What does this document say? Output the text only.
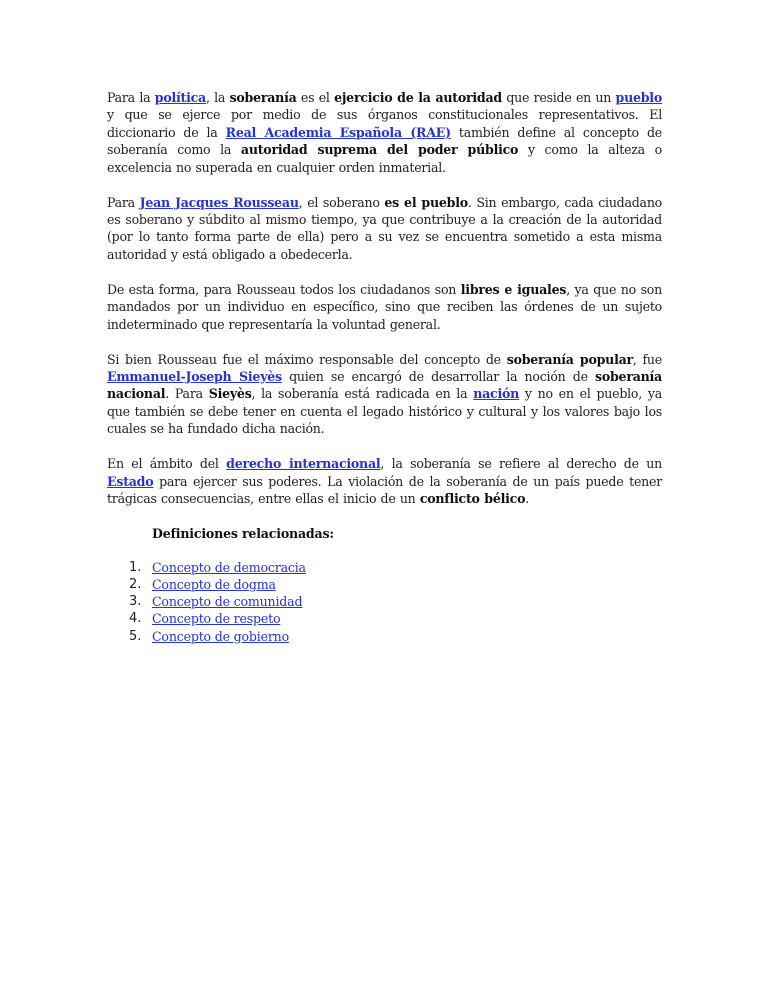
Para la política, la soberanía es el ejercicio de la autoridad que reside en un pueblo y que se ejerce por medio de sus órganos constitucionales representativos. El diccionario de la Real Academia Española (RAE) también define al concepto de soberanía como la autoridad suprema del poder público y como la alteza o excelencia no superada en cualquier orden inmaterial.

Para Jean Jacques Rousseau, el soberano es el pueblo. Sin embargo, cada ciudadano es soberano y súbdito al mismo tiempo, ya que contribuye a la creación de la autoridad (por lo tanto forma parte de ella) pero a su vez se encuentra sometido a esta misma autoridad y está obligado a obedecerla.

De esta forma, para Rousseau todos los ciudadanos son libres e iguales, ya que no son mandados por un individuo en específico, sino que reciben las órdenes de un sujeto indeterminado que representaría la voluntad general.

Si bien Rousseau fue el máximo responsable del concepto de soberanía popular, fue Emmanuel-Joseph Sieyès quien se encargó de desarrollar la noción de soberanía nacional. Para Sieyès, la soberanía está radicada en la nación y no en el pueblo, ya que también se debe tener en cuenta el legado histórico y cultural y los valores bajo los cuales se ha fundado dicha nación.

En el ámbito del derecho internacional, la soberanía se refiere al derecho de un Estado para ejercer sus poderes. La violación de la soberanía de un país puede tener trágicas consecuencias, entre ellas el inicio de un conflicto bélico.

Definiciones relacionadas:
1. Concepto de democracia
2. Concepto de dogma
3. Concepto de comunidad
4. Concepto de respeto
5. Concepto de gobierno
